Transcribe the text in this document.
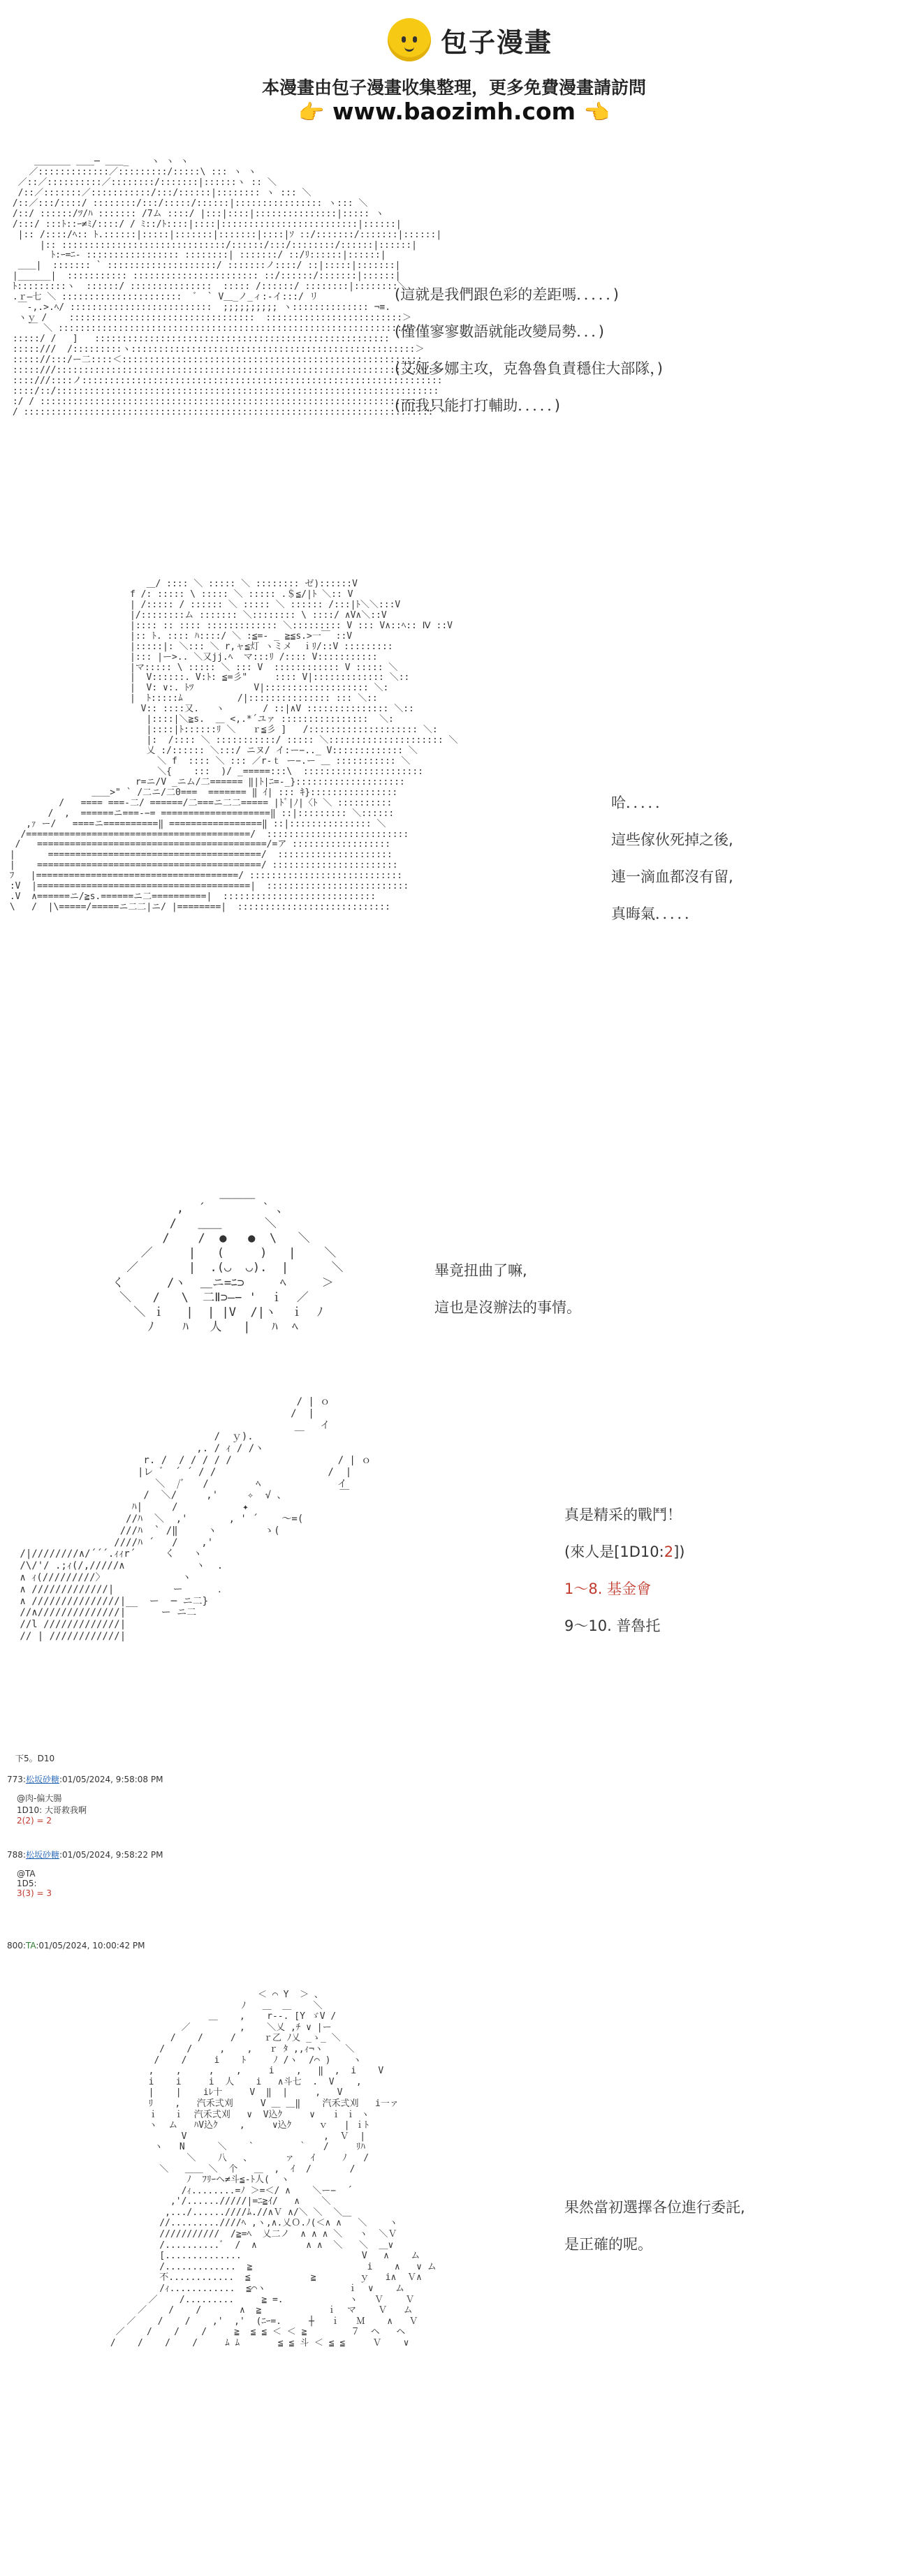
包子漫畫
本漫畫由包子漫畫收集整理，更多免費漫畫請訪問
👉 www.baozimh.com 👈
＿＿＿＿ ＿＿─ ＿＿_    ヽ ヽ ヽ
／:::::::::::::／:::::::::/:::::\ ::: ヽ ヽ
／::／::::::::::／::::::::/:::::::|::::::ヽ :: ＼
/::／:::::::／:::::::::::/:::/::::::|:::::::: ヽ ::: ＼
/::／:::/::::/ ::::::::/:::/:::::/::::::|:::::::::::::::: ヽ::: ＼
/::/ ::::::/ﾂ/ﾊ ::::::: /7ム ::::/ |:::|::::|:::::::::::::::|::::: ヽ
/:::/ :::ﾄ::ｰ≠ﾐ/::::/ / ﾐ::/ﾄ::::|::::|:::::::::::::::::::::::::|::::::|
|:: /::::/ﾍ:: ﾄ.::::::|:::::|:::::::|:::::::|::::|ｿ ::/:::::::/:::::::|::::::|
|:: ::::::::::::::::::::::::::::::/::::::/:::/::::::::/::::::|::::::|
ﾄ:ｰ=ﾆ- ::::::::::::::::: ::::::::| :::::::/ ::/ﾘ::::::|::::::|
＿＿|  ::::::: ` ::::::::::::::::::::/ :::::::ノ::::/ ::|:::::|:::::::|
|______|  ::::::::::: ::::::::::::::::::::::: ::/::::::/:::::::|::::::|
ﾄ:::::::::ヽ  ::::::/ :::::::::::::::  ::::: /::::::/ ::::::::|::::::::＼
.ｒ―七 ＼ ::::::::::::::::::::::  ゛ ` V＿_ノ_ィ:-イ:::/ リ
￣-,.>.ﾍ/ ::::::::::::::::::::::::::  ;;;;;;;;;; ヽ:::::::::::::: ¬≡.
ヽｙ /    ::::::::::::::::::::::::::::::::::  :::::::::::::::::::::::::＞
￣ ＼ ::::::::::::::::::::::::::::::::::::::::::::::::::::::::::::::::＞
:::::/ /   ]   ::::::::::::::::::::::::::::::::::::::::::::::::::::::
:::::///  /:::::::::ヽ::::::::::::::::::::::::::::::::::::::::::::::::::::＞
::::://:::/ー二::::＜:::::::::::::::::::::::::::::::::::::::::::::::::::::::
:::::///:::::::::::::::::::::::::::::::::::::::::::::::::::::::::::::::::::::＞
::::///::::ノ::::::::::::::::::::::::::::::::::::::::::::::::::::::::::::::::::
::::/::/::::::::::::::::::::::::::::::::::::::::::::::::::::::::::::::::::::::
:/ / :::::::::::::::::::::::::::::::::::::::::::::::::::::::::::::::::::::: ヽ
/ ::::::::::::::::::::::::::::::::::::::::::::::::::::::::::::::::::::::::::: ＾

(這就是我們跟色彩的差距嗎．．．．．)
(僅僅寥寥數語就能改變局勢．．．)
(艾娅多娜主攻，克魯魯負責穩住大部隊，)
(而我只能打打輔助．．．．．)
＿/ :::: ＼ ::::: ＼ :::::::: ゼ)::::::V
f /: ::::: \ ::::: ＼ ::::: .＄≦/|ﾄ ＼:: V
| /::::: / :::::: ＼ ::::: ＼ :::::: /:::|ﾄ＼＼:::V
|/::::::::ム ::::::: ＼:::::::: \ ::::/ ∧V∧＼::V
|:::: :: :::: ::::::::::::: ＼::::::::: V ::: V∧::ﾍ:: Ⅳ ::V
|:: ﾄ. :::: ﾊ::::/ ＼ :≦=- _ ≧≦s.>一￣ ::V
|:::::|: ＼::: ＼ r,ャ≦灯 ヽミメ  ｉﾘ/::V :::::::::
|::: |ー>.. ＼又jj.ﾍ  マ:::ﾘ /:::: V:::::::::::
|マ::::: \ ::::: ＼ ::: V  :::::::::::: V ::::: ＼
|  V::::::. V:ﾄ: ≦=彡"     :::: V|::::::::::::: ＼::
|  V: ∨:. ﾄﾂ           V|::::::::::::::::::: ＼:
|  ﾄ:::::ﾑ          /|::::::::::::::: ::: ＼::
V:: ::::又.   ヽ       / ::|∧V ::::::::::::::: ＼::
|::::|＼≧s.  ＿ <,.*´ユァ ::::::::::::::::  ＼:
|::::|ﾄ::::::ﾘ ＼   ｒ≦彡 ]   /:::::::::::::::::::: ＼:
|:  /:::: ＼ :::::::::::/ ::::: ＼::::::::::::::::::::: ＼
乂 :/:::::: ＼:::/ ニヌ/ イ:ー−.._ V::::::::::::: ＼
＼ f  :::: ＼ ::: ／r-ｔ ー−.ー ＿ ::::::::::: ＼
＼{    :::  )/ _=====:::\  ::::::::::::::::::::::
r=ニ/V _ニム/二====== ‖|ﾄ|ﾆ=-_}::::::::::::::::::::
＿＿>" ` /二ニ/二0===  ======= ‖ ｲ| ::: ｷ}::::::::::::::::
/   ==== ===-二/ ======/二===ニ二二===== |ﾄﾞ|ﾉ|〈ﾄ ＼ ::::::::::
/  ,  ======ニ===-−= ====================‖ ::|::::::::: ＼::::::
,ｧ ー/   ====ニ==========‖ =================‖ ::|::::::::::::::: ＼
/=========================================/  ::::::::::::::::::::::::::
/   ==========================================/=ア ::::::::::::::::::
|      =======================================/  :::::::::::::::::::::
|    =========================================/ :::::::::::::::::::::::
ﾌ   |=====================================/ ::::::::::::::::::::::::::::
:V  |=======================================|  ::::::::::::::::::::::::::
.V  ∧======ニ/≧s.======ニ二==========|  ::::::::::::::::::::::::::::
\   /  |\=====/=====ニ二二|ニ/ |========|  ::::::::::::::::::::::::::::

哈．．．．．
這些傢伙死掉之後,
連一滴血都沒有留,
真晦氣．．．．．
＿＿＿
,  ´        ` 、
/   ＿＿      ＼
/    /  ●   ●  \   ＼
／     |   (     )   |    ＼
／       |  .(◡  ◡).  |      ＼
く      /ヽ  ＿ニ=ﾆ⊃     ﾍ     ＞
＼   /   \  二Ⅱ⊃—− '  ｉ  ／
＼ ｉ   |  | |V  /|ヽ  ｉ  ﾉ
ﾉ    ﾊ   人   |   ﾊ  ﾍ

畢竟扭曲了嘛,
這也是沒辦法的事情。
/ | ｏ
/  |
イ
/  ｙ).       ￣
,. / ｨ / /ヽ
r. /  / / / / /                  / | ｏ
|レ ゛ ´ ´ / /                   /  |
＼  /ﾞ   /        ﾍ             イ
/  ＼/     ,'     ✧  √ 、         ￣
ﾊ|     /           ✦
//ﾊ  ＼  ,'       , ' ´    ～=(
///ﾊ  ` /‖     ヽ        ゝ(
////ﾊ ´   /    ,'
/|////////∧/´´´.ｨｨr´     く   ヽ
/\/'/ .;ｨ(/,/////∧            ヽ  .
∧ ｨ(/////////〉             ヽ
∧ /////////////|          ー      ．
∧ ///////////////|__  ー  ─ ニ二}
//∧//////////////|      ー ニ二
//l /////////////|
// | ////////////|

真是精采的戰鬥！
(來人是[1D10:2])
1～8. 基金會
9～10. 普魯托
下5。D10
773:松坂砂糖:01/05/2024, 9:58:08 PM
@肉-偏大腸
1D10: 大哥救我啊
2(2) = 2
788:松坂砂糖:01/05/2024, 9:58:22 PM
@TA
1D5:
3(3) = 3
800:TA:01/05/2024, 10:00:42 PM
＜ ⌒ Y  ＞ 、
ﾉ   ＿  ＿    ＼
＿    ,    r--. [Y ゞV /
／         ,    ＼乂 ,ﾁ ∨ |ー
/    /     /     ｒ乙 ﾉ乂 _ゝ_ ＼
/    /     ,    ,   ｒ ﾀ ,,ｨ¬ヽ    ＼
/    /     i    ﾄ     ﾉ /ヽ  /⌒ )    ヽ
,    ,     ,    ,     i    ,   ‖  ,  i    V
i    i     i  人    i   ∧斗七  .  V    ,
|    |    iﾚ十     V  ‖  |     ,   V
ﾘ    ,   汽禾弍刈     V ＿ ＿‖    汽禾弍刈   i一ァ
ｉ   ｉ  汽禾弍刈   ∨  V込ｸ     ∨   ｉ ｉ ヽ
ヽ  ム   ﾊV込ｸ    ,     ∨込ｸ     ｖ   | ｉﾄ
V                         ,  Ｖ  |
ヽ   N      ＼    `        ｀   /     ﾘﾊ
＼    八   、      ァ   ｲ     ﾉ   /
＼   ＿＿ ＼  个   ＿  ,  ｲ  /       /
ﾉ  ﾌﾘｰヘ≠斗≦-ﾄ人(  ヽ
/ｨ........=ﾉ ＞=＜/ ∧    ＼ー−  ´
,'/....../////|=ﾆ≧ｲ/   ∧    ＼
,.../......////ﾑ.//∧Ｖ ∧/＼ ＼  ＼＿
//.........////ﾍ ,ヽ,∧.乂Ｏ.ﾉ(＜∧ ∧   ＼    ヽ
///////////  /≧=ﾍ  乂二ノ  ∧ ∧ ∧ ＼   ヽ  ＼Ｖ
/..........ﾞ  /  ∧         ∧ ∧  ＼   ＼  ＿∨
[..............                      V   ∧    ム
/.............  ≧                     i    ∧   ∨ ム
不............  ≦           ≧        ｙ   i∧  Ｖ∧
/ｨ............  ≦⌒ヽ               ｉ  ∨    ム
／    /.........     ≧ =.            ヽ   Ｖ    Ｖ
／    /    /       ∧  ≧            ｉ  マ    Ｖ   ム
／    /    /    ,'  ,'  (ﾆｰ=.     ┼   ｉ   Ｍ    ∧   Ｖ
／    /    /    /     ≧  ≦ ≦ ＜ ＜ ≧        ７  ヘ   ヘ
/    /    /    /     ﾑ ﾑ       ≦ ≦ 斗 ＜ ≦ ≦     Ｖ    ∨

果然當初選擇各位進行委託,
是正確的呢。
